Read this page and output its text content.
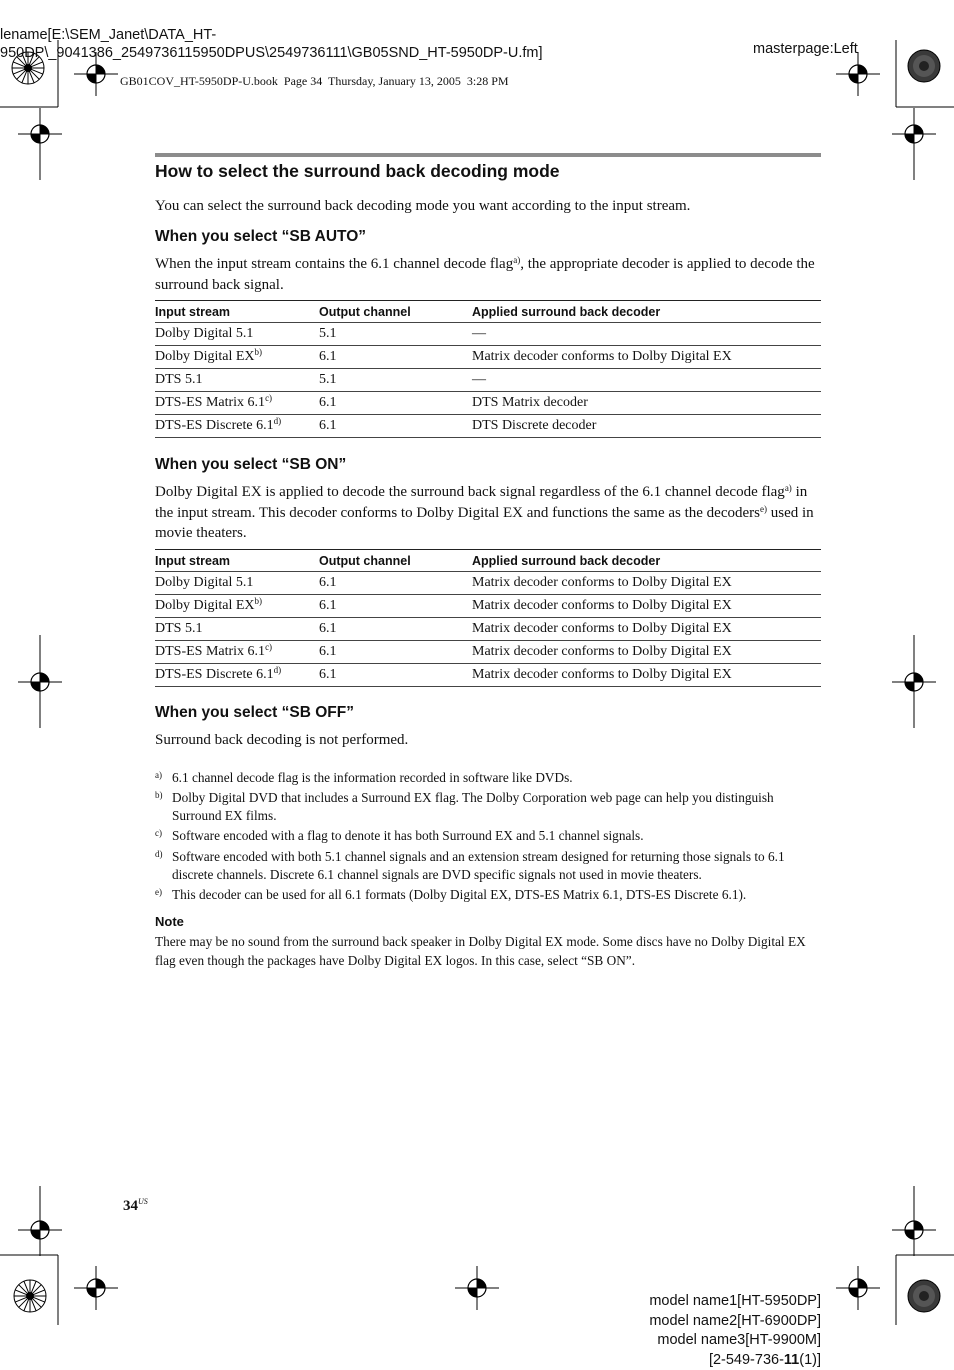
lename[E:\SEM_Janet\DATA_HT-
950DP\_9041386_2549736115950DPUS\2549736111\GB05SND_HT-5950DP-U.fm]	masterpage:Left
GB01COV_HT-5950DP-U.book  Page 34  Thursday, January 13, 2005  3:28 PM
How to select the surround back decoding mode

You can select the surround back decoding mode you want according to the input stream.

When you select “SB AUTO”

When the input stream contains the 6.1 channel decode flag$^{a)}$, the appropriate decoder is applied to decode the surround back signal.

Input stream	Output channel	Applied surround back decoder
Dolby Digital 5.1	5.1	—
Dolby Digital EX$^{b)}$	6.1	Matrix decoder conforms to Dolby Digital EX
DTS 5.1	5.1	—
DTS-ES Matrix 6.1$^{c)}$	6.1	DTS Matrix decoder
DTS-ES Discrete 6.1$^{d)}$	6.1	DTS Discrete decoder
When you select “SB ON”

Dolby Digital EX is applied to decode the surround back signal regardless of the 6.1 channel decode flag$^{a)}$ in the input stream. This decoder conforms to Dolby Digital EX and functions the same as the decoders$^{e)}$ used in movie theaters.

Input stream	Output channel	Applied surround back decoder
Dolby Digital 5.1	6.1	Matrix decoder conforms to Dolby Digital EX
Dolby Digital EX$^{b)}$	6.1	Matrix decoder conforms to Dolby Digital EX
DTS 5.1	6.1	Matrix decoder conforms to Dolby Digital EX
DTS-ES Matrix 6.1$^{c)}$	6.1	Matrix decoder conforms to Dolby Digital EX
DTS-ES Discrete 6.1$^{d)}$	6.1	Matrix decoder conforms to Dolby Digital EX
When you select “SB OFF”

Surround back decoding is not performed.

a) 6.1 channel decode flag is the information recorded in software like DVDs.
b) Dolby Digital DVD that includes a Surround EX flag. The Dolby Corporation web page can help you distinguish Surround EX films.
c) Software encoded with a flag to denote it has both Surround EX and 5.1 channel signals.
d) Software encoded with both 5.1 channel signals and an extension stream designed for returning those signals to 6.1 discrete channels. Discrete 6.1 channel signals are DVD specific signals not used in movie theaters.
e) This decoder can be used for all 6.1 formats (Dolby Digital EX, DTS-ES Matrix 6.1, DTS-ES Discrete 6.1).
Note
There may be no sound from the surround back speaker in Dolby Digital EX mode. Some discs have no Dolby Digital EX flag even though the packages have Dolby Digital EX logos. In this case, select “SB ON”.
$34^{US}$
model name1[HT-5950DP]
model name2[HT-6900DP]
model name3[HT-9900M]
[2-549-736-11(1)]
